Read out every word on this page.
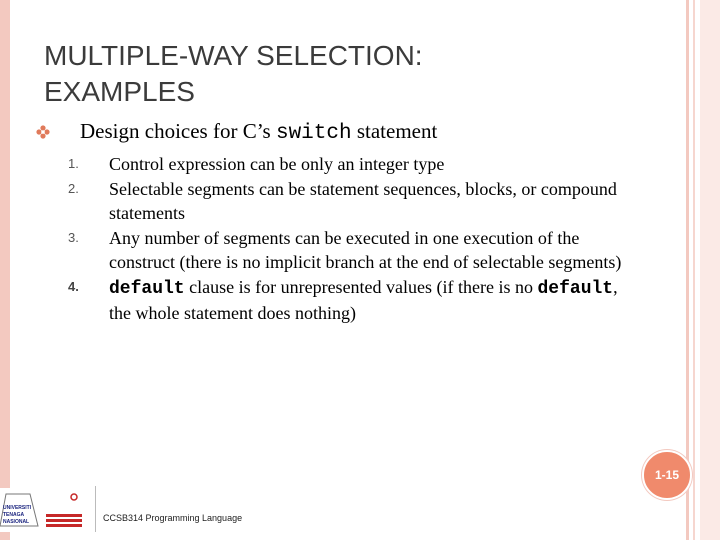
MULTIPLE-WAY SELECTION:
EXAMPLES
Design choices for C’s switch statement
1.	Control expression can be only an integer type
2.	Selectable segments can be statement sequences, blocks, or compound statements
3.	Any number of segments can be executed in one execution of the construct (there is no implicit branch at the end of selectable segments)
4.	default clause is for unrepresented values (if there is no default, the whole statement does nothing)
1-15
UNIVERSITI
TENAGA
NASIONAL	CCSB314 Programming Language
